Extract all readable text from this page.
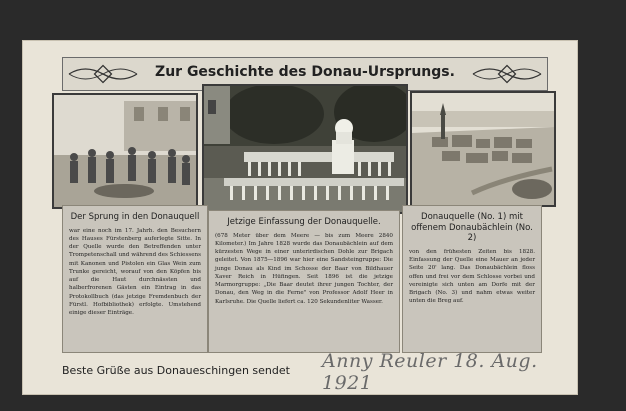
Zur Geschichte des Donau-Ursprungs.

Der Sprung in den Donauquell

war eine noch im 17. Jahrh. den Besuchern des Hauses Fürstenberg auferlegte Sitte. In der Quelle wurde den Betreffenden unter Trompetenschall und während des Schiessens mit Kanonen und Pistolen ein Glas Wein zum Trunke gereicht, worauf von den Köpfen bis auf die Haut durchnässten und halberfrorenen Gästen ein Eintrag in das Protokollbuch (das jetzige Fremdenbuch der Fürstl. Hofbibliothek) erfolgte. Umstehend einige dieser Einträge.

Jetzige Einfassung der Donauquelle.

(678 Meter über dem Meere — bis zum Meere 2840 Kilometer.) Im Jahre 1828 wurde das Donaubächlein auf dem kürzesten Wege in einer unterirdischen Dohle zur Brigach geleitet. Von 1875—1896 war hier eine Sandsteingruppe: Die junge Donau als Kind im Schosse der Baar von Bildhauer Xaver Reich in Hüfingen. Seit 1896 ist die jetzige Marmorgruppe: „Die Baar deutet ihrer jungen Tochter, der Donau, den Weg in die Ferne" von Professor Adolf Heer in Karlsruhe. Die Quelle liefert ca. 120 Sekundenliter Wasser.

Donauquelle (No. 1) mit offenem Donaubächlein (No. 2)

von den frühesten Zeiten bis 1828. Einfassung der Quelle eine Mauer an jeder Seite 20' lang. Das Donaubächlein floss offen und frei vor dem Schlosse vorbei und vereinigte sich unten am Dorfe mit der Brigach (No. 3) und nahm etwas weiter unten die Breg auf.

Beste Grüße aus Donaueschingen sendet Anny Reuler 18. Aug. 1921
